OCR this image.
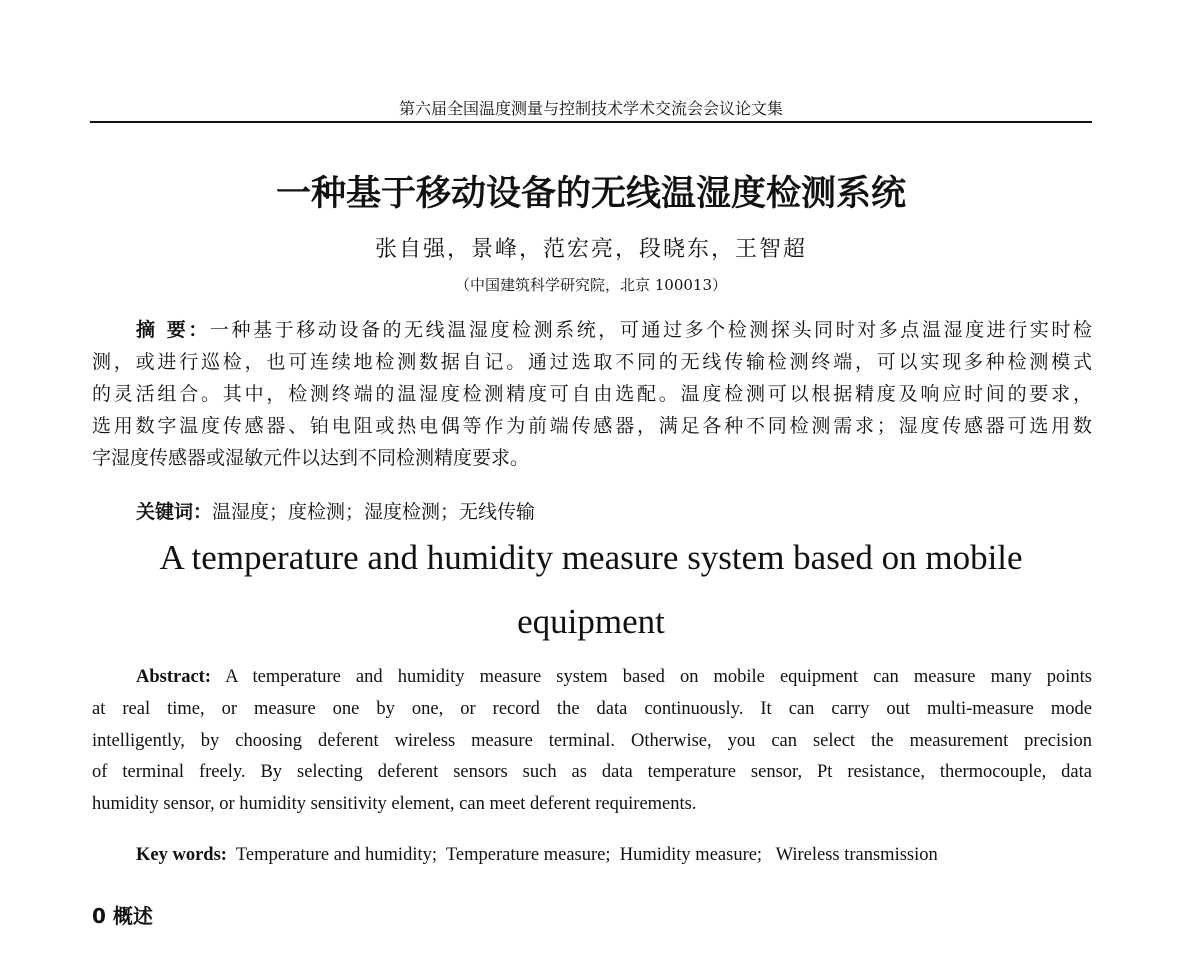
第六届全国温度测量与控制技术学术交流会会议论文集
一种基于移动设备的无线温湿度检测系统
张自强，景峰，范宏亮，段晓东，王智超
（中国建筑科学研究院，北京 100013）
摘 要：一种基于移动设备的无线温湿度检测系统，可通过多个检测探头同时对多点温湿度进行实时检
测，或进行巡检，也可连续地检测数据自记。通过选取不同的无线传输检测终端，可以实现多种检测模式
的灵活组合。其中，检测终端的温湿度检测精度可自由选配。温度检测可以根据精度及响应时间的要求，
选用数字温度传感器、铂电阻或热电偶等作为前端传感器，满足各种不同检测需求；湿度传感器可选用数
字湿度传感器或湿敏元件以达到不同检测精度要求。
关键词：温湿度；度检测；湿度检测；无线传输
A temperature and humidity measure system based on mobile
equipment
Abstract: A temperature and humidity measure system based on mobile equipment can measure many points
at real time, or measure one by one, or record the data continuously. It can carry out multi-measure mode
intelligently, by choosing deferent wireless measure terminal. Otherwise, you can select the measurement precision
of terminal freely. By selecting deferent sensors such as data temperature sensor, Pt resistance, thermocouple, data
humidity sensor, or humidity sensitivity element, can meet deferent requirements.
Key words: Temperature and humidity;  Temperature measure;  Humidity measure;   Wireless transmission
0 概述
